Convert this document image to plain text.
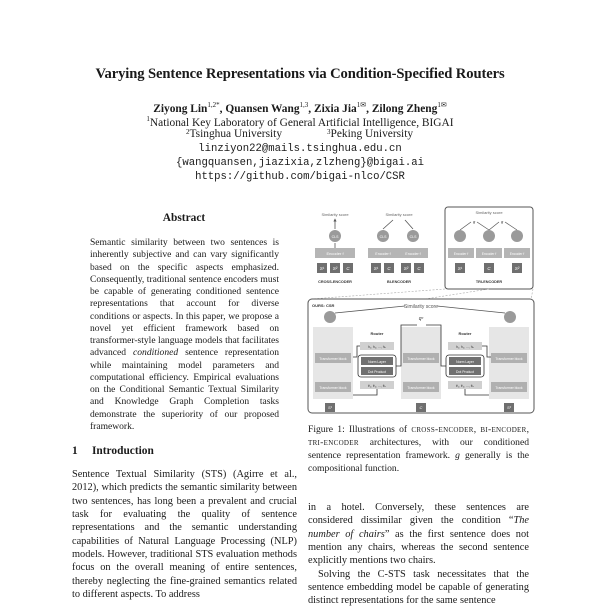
Varying Sentence Representations via Condition-Specified Routers
Ziyong Lin$^{1,2*}$, Quansen Wang$^{1,3}$, Zixia Jia$^{1✉}$, Zilong Zheng$^{1✉}$
$^1$National Key Laboratory of General Artificial Intelligence, BIGAI
$^2$ Tsinghua University	$^3$ Peking University
linziyon22@mails.tsinghua.edu.cn
{wangquansen,jiazixia,zlzheng}@bigai.ai
https://github.com/bigai-nlco/CSR
Abstract

Semantic similarity between two sentences is inherently subjective and can vary significantly based on the specific aspects emphasized. Consequently, traditional sentence encoders must be capable of generating conditioned sentence representations that account for diverse conditions or aspects. In this paper, we propose a novel yet efficient framework based on transformer-style language models that facilitates advanced conditioned sentence representation while maintaining model parameters and computational efficiency. Empirical evaluations on the Conditional Semantic Textual Similarity and Knowledge Graph Completion tasks demonstrate the superiority of our proposed framework.

1 Introduction

Sentence Textual Similarity (STS) (Agirre et al., 2012), which predicts the semantic similarity between two sentences, has long been a prevalent and crucial task for evaluating the quality of sentence representations and the semantic understanding capabilities of Natural Language Processing (NLP) models. However, traditional STS evaluation methods focus on the overall meaning of entire sentences, thereby neglecting the fine-grained semantics related to different aspects. To address

Similarity score
CLS
Encoder f
S¹ S² C
CROSS-ENCODER
Similarity score
CLS	CLS
Encoder f	Encoder f
S¹ C	S² C
BI-ENCODER
Similarity score
g	g
Encoder f	Encoder f	Encoder f
S¹	C	S²
TRI-ENCODER
OURS: CSR	Similarity score
Transformer block
Transformer block
S¹
Transformer block
Transformer block
qᶜ
C
Transformer block
Transformer block
S²
Router
h₁, h₂, ..., hₙ
Norm Layer
Dot Product
ē₁, ē₂, ..., ēₙ
Router
h₁, h₂, ..., hₙ
Norm Layer
Dot Product
ē₁, ē₂, ..., ēₙ
Figure 1: Illustrations of cross-encoder, bi-encoder, tri-encoder architectures, with our conditioned sentence representation framework. g generally is the compositional function.

in a hotel. Conversely, these sentences are considered dissimilar given the condition “The number of chairs” as the first sentence does not mention any chairs, whereas the second sentence explicitly mentions two chairs.

Solving the C-STS task necessitates that the sentence embedding model be capable of generating distinct representations for the same sentence
